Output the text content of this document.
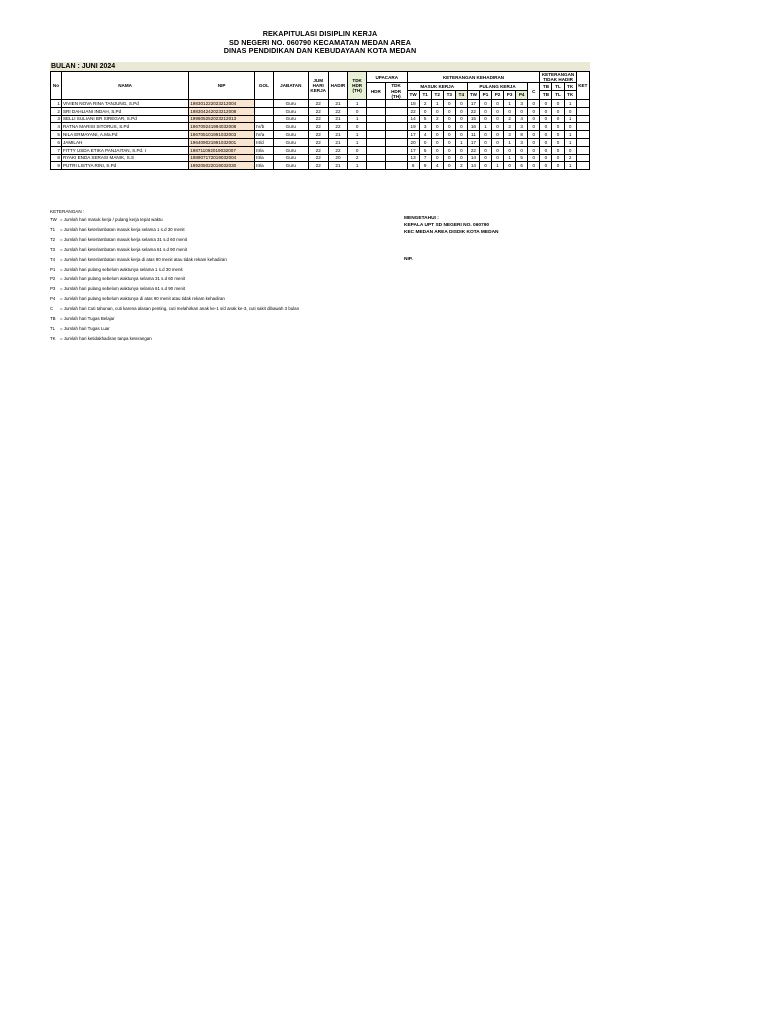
REKAPITULASI DISIPLIN KERJA
SD NEGERI NO. 060790 KECAMATAN MEDAN AREA
DINAS PENDIDIKAN DAN KEBUDAYAAN KOTA MEDAN
BULAN : JUNI 2024
No	NAMA	NIP	GOL	JABATAN	JUM
HARI
KERJA	HADIR	TDK
HDR
(TH)	UPACARA		KETERANGAN KEHADIRAN											KETERANGAN
TIDAK HADIR			KET
								HDR	TDK
HDR
(TH)	MASUK KERJA					PULANG KERJA					C	TB	TL	TK	
										TW	T1	T2	T3	T4	TW	P1	P2	P3	P4		TB	TL	TK	
1	VIVIEN NOVA RINA TANJUNG, S.Pd	198301222023212004		Guru	22	21	1			18	2	1	0	0	17	0	0	1	3	0	0	0	1	
2	SRI DAHLIANI INDAH, S.Pd	198304242023212008		Guru	22	22	0			22	0	0	0	0	22	0	0	0	0	0	0	0	0	
3	SELLI SULIANI BR SIREGAR, S.Pd	199605252023212013		Guru	22	21	1			14	5	2	0	0	15	0	0	2	4	0	0	0	1	
4	RATNA MARISI SITORUS, S.Pd	196709241994032008	IV/b	Guru	22	22	0			19	3	0	0	0	16	1	0	2	3	0	0	0	0	
5	NILA ERMAYANI, A.Ma.Pd	196705101991032003	IV/a	Guru	22	21	1			17	4	0	0	0	11	0	0	2	8	0	0	0	1	
6	JAMILAH	196409021991032001	III/d	Guru	22	21	1			20	0	0	0	1	17	0	0	1	3	0	0	0	1	
7	FITTY USDA ETIKA PANJAITAN, S.Pd. I	198711092019032007	III/a	Guru	22	22	0			17	5	0	0	0	22	0	0	0	0	0	0	0	0	
8	RYAKI ENDA SERASI MANIK, S.S	198907172019032004	III/a	Guru	22	20	2			13	7	0	0	0	14	0	0	1	5	0	0	0	2	
9	PUTRI LISTYA RINI, S.Pd	199205022019032030	III/a	Guru	22	21	1			6	9	4	0	2	14	0	1	0	6	0	0	0	1	
KETERANGAN :
TW = Jumlah hari masuk kerja / pulang kerja tepat waktu
T1 = Jumlah hari keterlambatan masuk kerja selama 1 s.d 30 menit
T2 = Jumlah hari keterlambatan masuk kerja selama 31 s.d 60 menit
T3 = Jumlah hari keterlambatan masuk kerja selama 61 s.d 90 menit
T4 = Jumlah hari keterlambatan masuk kerja di atas 90 menit atau tidak rekam kehadiran
P1 = Jumlah hari pulang sebelum waktunya selama 1 s.d 30 menit
P2 = Jumlah hari pulang sebelum waktunya selama 31 s.d 60 menit
P3 = Jumlah hari pulang sebelum waktunya selama 61 s.d 90 menit
P4 = Jumlah hari pulang sebelum waktunya di atas 90 menit atau tidak rekam kehadiran
C = Jumlah hari Cuti tahunan, cuti karena alasan penting, cuti melahirkan anak ke-1 s/d anak ke-3, cuti sakit dibawah 3 bulan
TB = Jumlah hari Tugas Belajar
TL = Jumlah hari Tugas Luar
TK = Jumlah hari ketidakhadiran tanpa keterangan
MENGETAHUI :
KEPALA UPT SD NEGERI NO. 060790
KEC MEDAN AREA DISDIK KOTA MEDAN
NIP.
